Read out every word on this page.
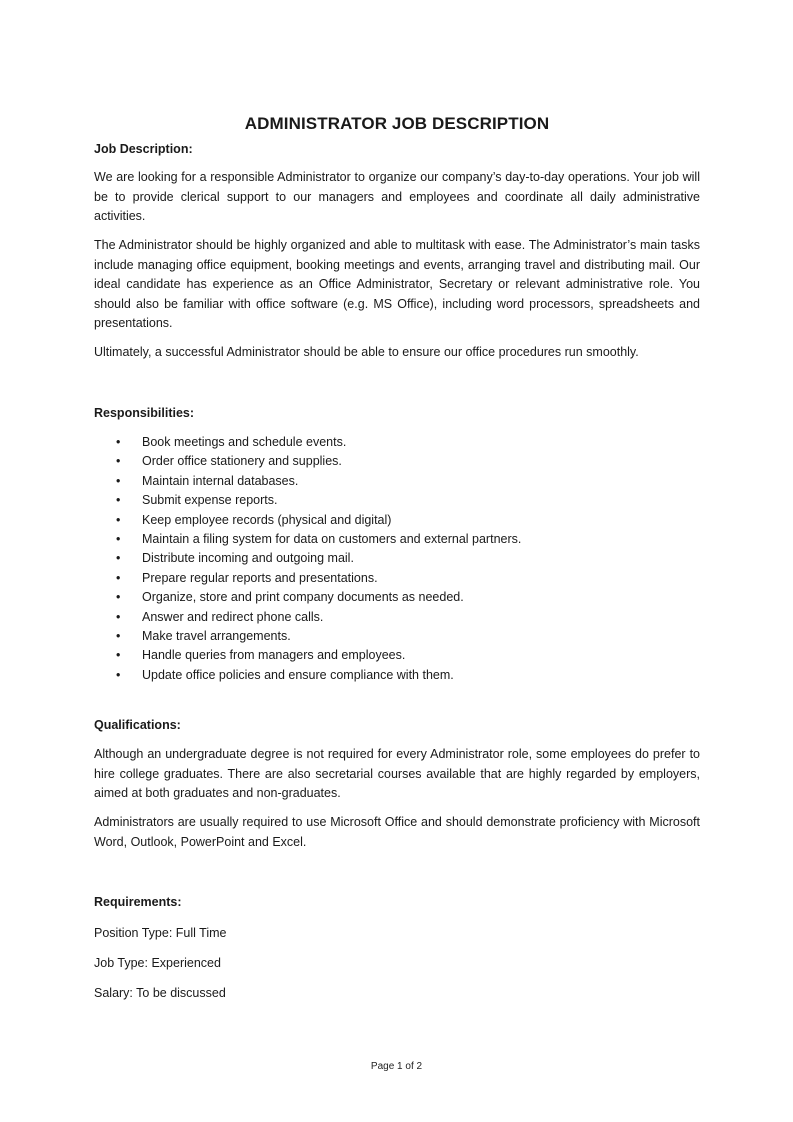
ADMINISTRATOR JOB DESCRIPTION
Job Description:

We are looking for a responsible Administrator to organize our company’s day-to-day operations. Your job will be to provide clerical support to our managers and employees and coordinate all daily administrative activities.

The Administrator should be highly organized and able to multitask with ease. The Administrator’s main tasks include managing office equipment, booking meetings and events, arranging travel and distributing mail. Our ideal candidate has experience as an Office Administrator, Secretary or relevant administrative role. You should also be familiar with office software (e.g. MS Office), including word processors, spreadsheets and presentations.

Ultimately, a successful Administrator should be able to ensure our office procedures run smoothly.

Responsibilities:
• Book meetings and schedule events.
• Order office stationery and supplies.
• Maintain internal databases.
• Submit expense reports.
• Keep employee records (physical and digital)
• Maintain a filing system for data on customers and external partners.
• Distribute incoming and outgoing mail.
• Prepare regular reports and presentations.
• Organize, store and print company documents as needed.
• Answer and redirect phone calls.
• Make travel arrangements.
• Handle queries from managers and employees.
• Update office policies and ensure compliance with them.
Qualifications:

Although an undergraduate degree is not required for every Administrator role, some employees do prefer to hire college graduates. There are also secretarial courses available that are highly regarded by employers, aimed at both graduates and non-graduates.

Administrators are usually required to use Microsoft Office and should demonstrate proficiency with Microsoft Word, Outlook, PowerPoint and Excel.

Requirements:
Position Type: Full Time
Job Type: Experienced
Salary: To be discussed
Page 1 of 2
